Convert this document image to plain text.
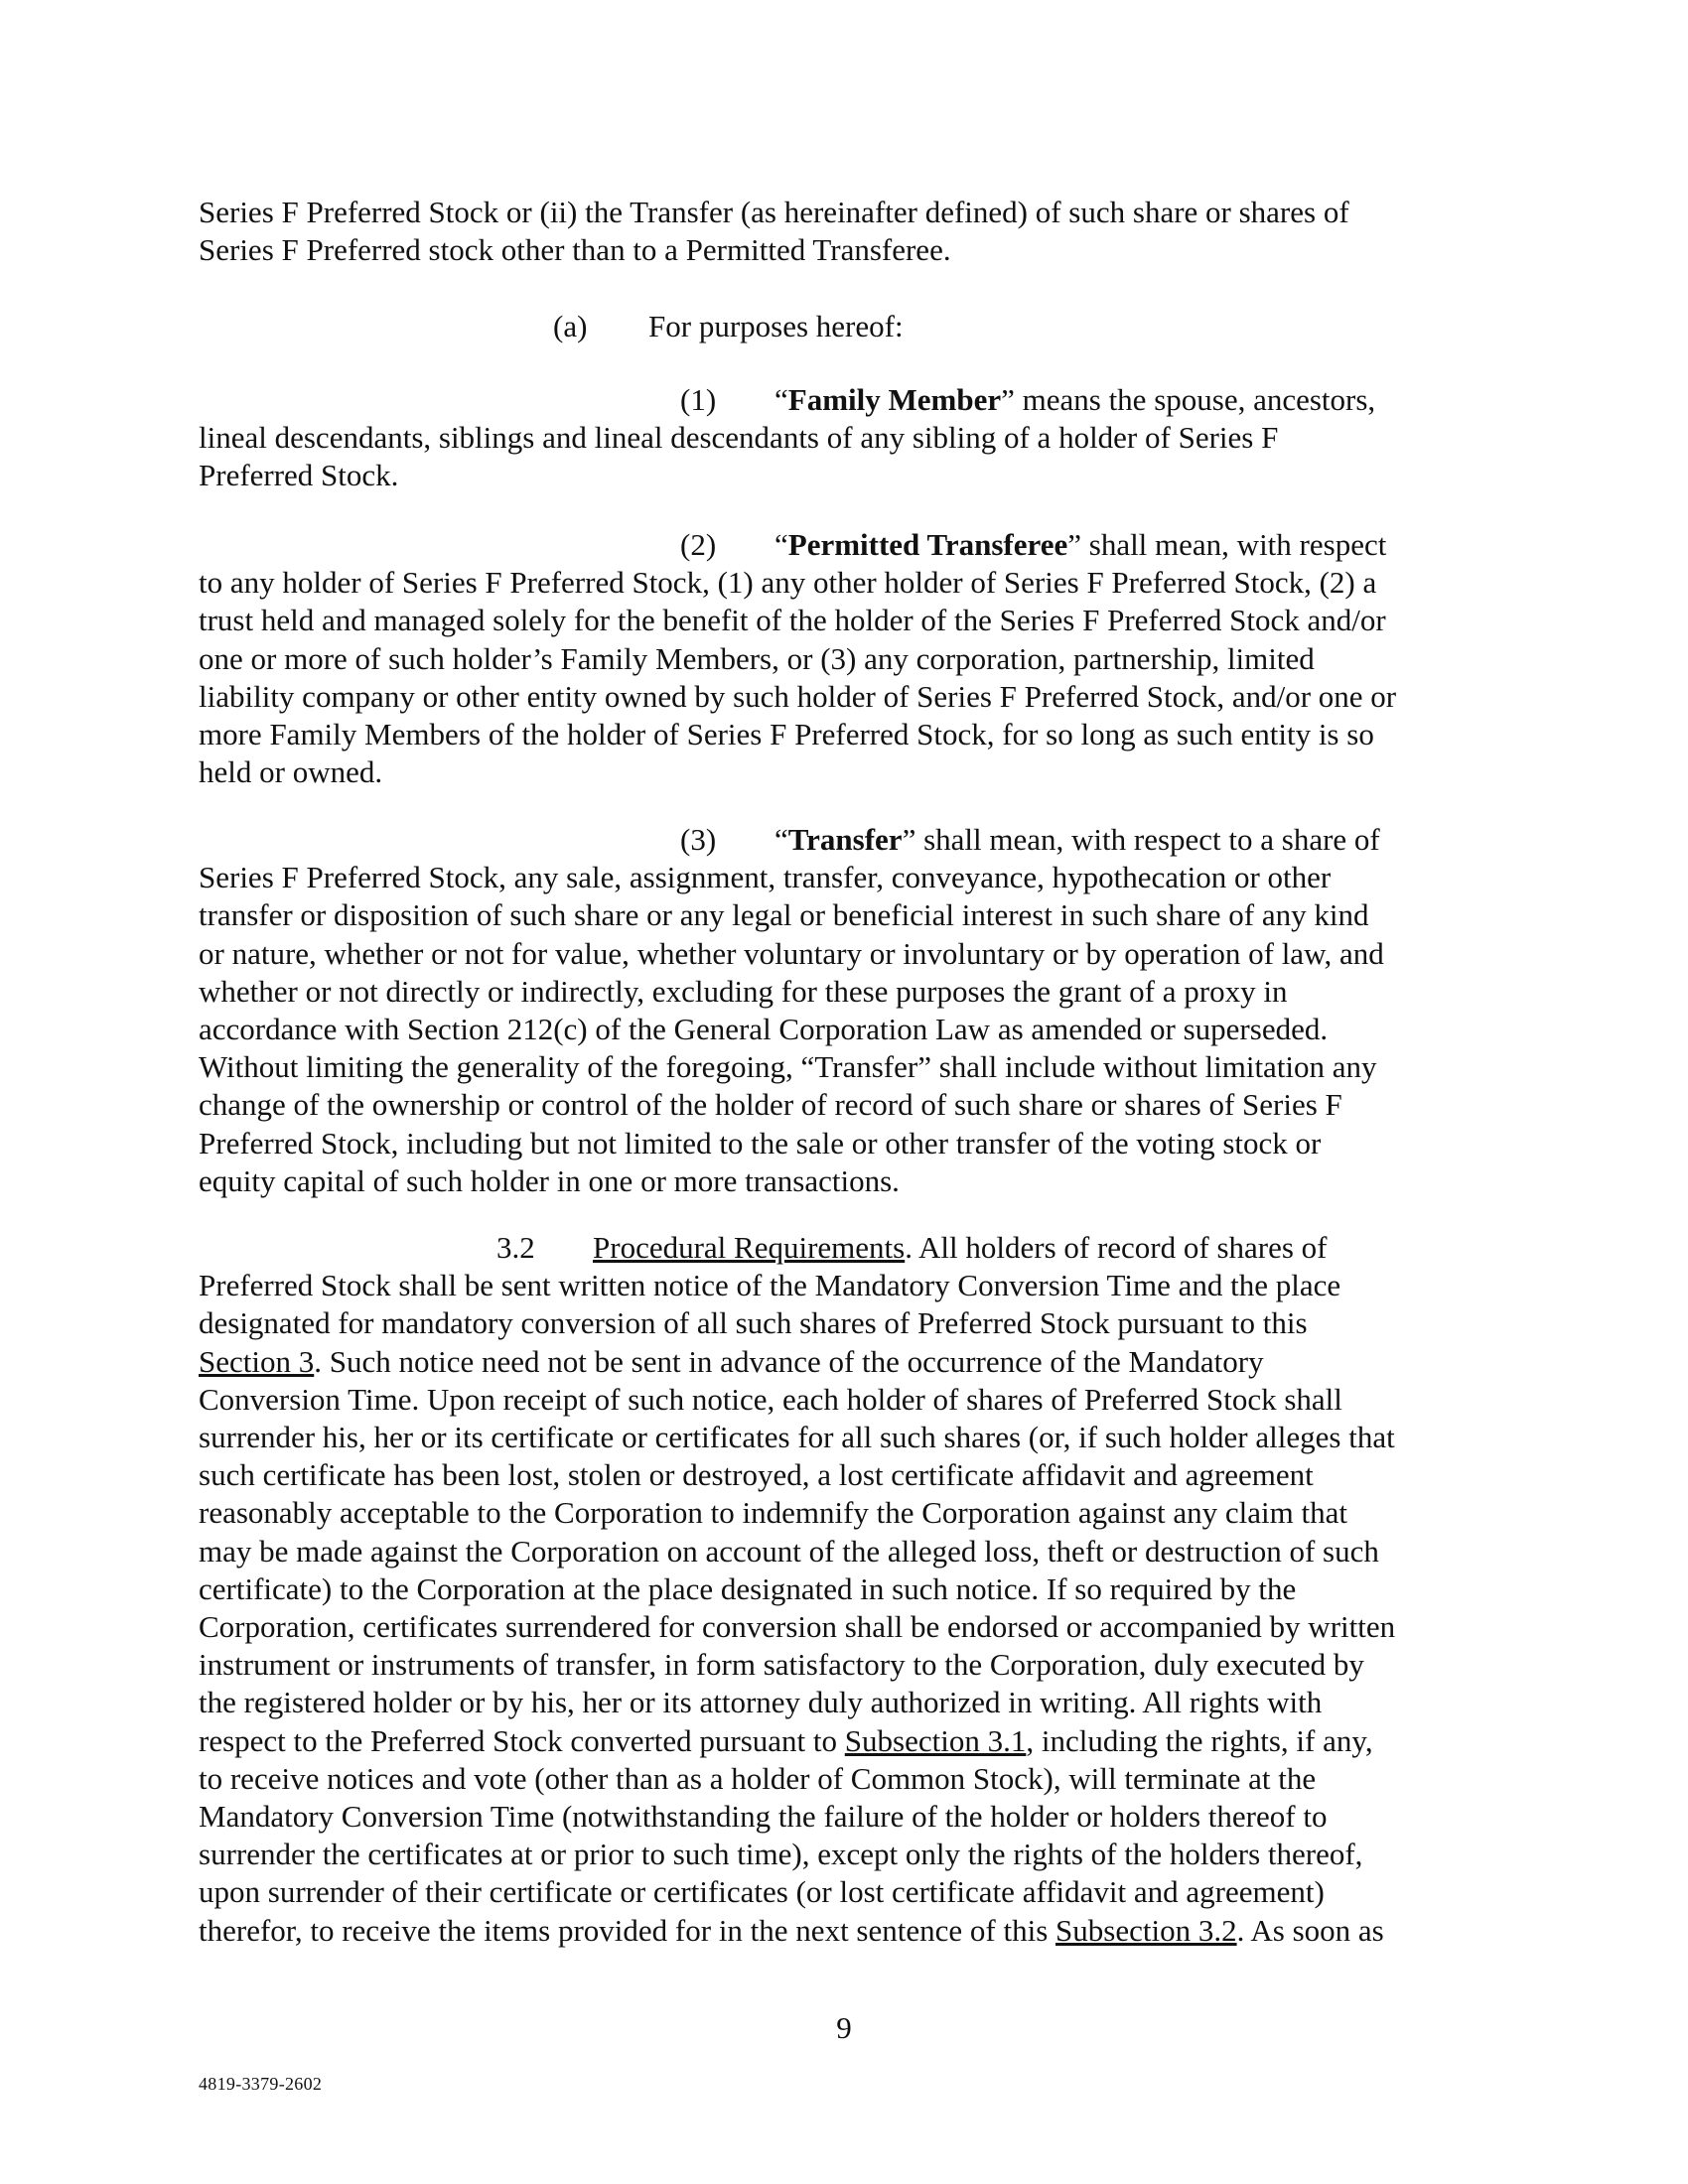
Series F Preferred Stock or (ii) the Transfer (as hereinafter defined) of such share or shares of
Series F Preferred stock other than to a Permitted Transferee.
(a) For purposes hereof:
(1) “Family Member” means the spouse, ancestors,
lineal descendants, siblings and lineal descendants of any sibling of a holder of Series F
Preferred Stock.
(2) “Permitted Transferee” shall mean, with respect
to any holder of Series F Preferred Stock, (1) any other holder of Series F Preferred Stock, (2) a
trust held and managed solely for the benefit of the holder of the Series F Preferred Stock and/or
one or more of such holder’s Family Members, or (3) any corporation, partnership, limited
liability company or other entity owned by such holder of Series F Preferred Stock, and/or one or
more Family Members of the holder of Series F Preferred Stock, for so long as such entity is so
held or owned.
(3) “Transfer” shall mean, with respect to a share of
Series F Preferred Stock, any sale, assignment, transfer, conveyance, hypothecation or other
transfer or disposition of such share or any legal or beneficial interest in such share of any kind
or nature, whether or not for value, whether voluntary or involuntary or by operation of law, and
whether or not directly or indirectly, excluding for these purposes the grant of a proxy in
accordance with Section 212(c) of the General Corporation Law as amended or superseded.
Without limiting the generality of the foregoing, “Transfer” shall include without limitation any
change of the ownership or control of the holder of record of such share or shares of Series F
Preferred Stock, including but not limited to the sale or other transfer of the voting stock or
equity capital of such holder in one or more transactions.
3.2 Procedural Requirements. All holders of record of shares of
Preferred Stock shall be sent written notice of the Mandatory Conversion Time and the place
designated for mandatory conversion of all such shares of Preferred Stock pursuant to this
Section 3. Such notice need not be sent in advance of the occurrence of the Mandatory
Conversion Time. Upon receipt of such notice, each holder of shares of Preferred Stock shall
surrender his, her or its certificate or certificates for all such shares (or, if such holder alleges that
such certificate has been lost, stolen or destroyed, a lost certificate affidavit and agreement
reasonably acceptable to the Corporation to indemnify the Corporation against any claim that
may be made against the Corporation on account of the alleged loss, theft or destruction of such
certificate) to the Corporation at the place designated in such notice. If so required by the
Corporation, certificates surrendered for conversion shall be endorsed or accompanied by written
instrument or instruments of transfer, in form satisfactory to the Corporation, duly executed by
the registered holder or by his, her or its attorney duly authorized in writing. All rights with
respect to the Preferred Stock converted pursuant to Subsection 3.1, including the rights, if any,
to receive notices and vote (other than as a holder of Common Stock), will terminate at the
Mandatory Conversion Time (notwithstanding the failure of the holder or holders thereof to
surrender the certificates at or prior to such time), except only the rights of the holders thereof,
upon surrender of their certificate or certificates (or lost certificate affidavit and agreement)
therefor, to receive the items provided for in the next sentence of this Subsection 3.2. As soon as
9
4819-3379-2602
